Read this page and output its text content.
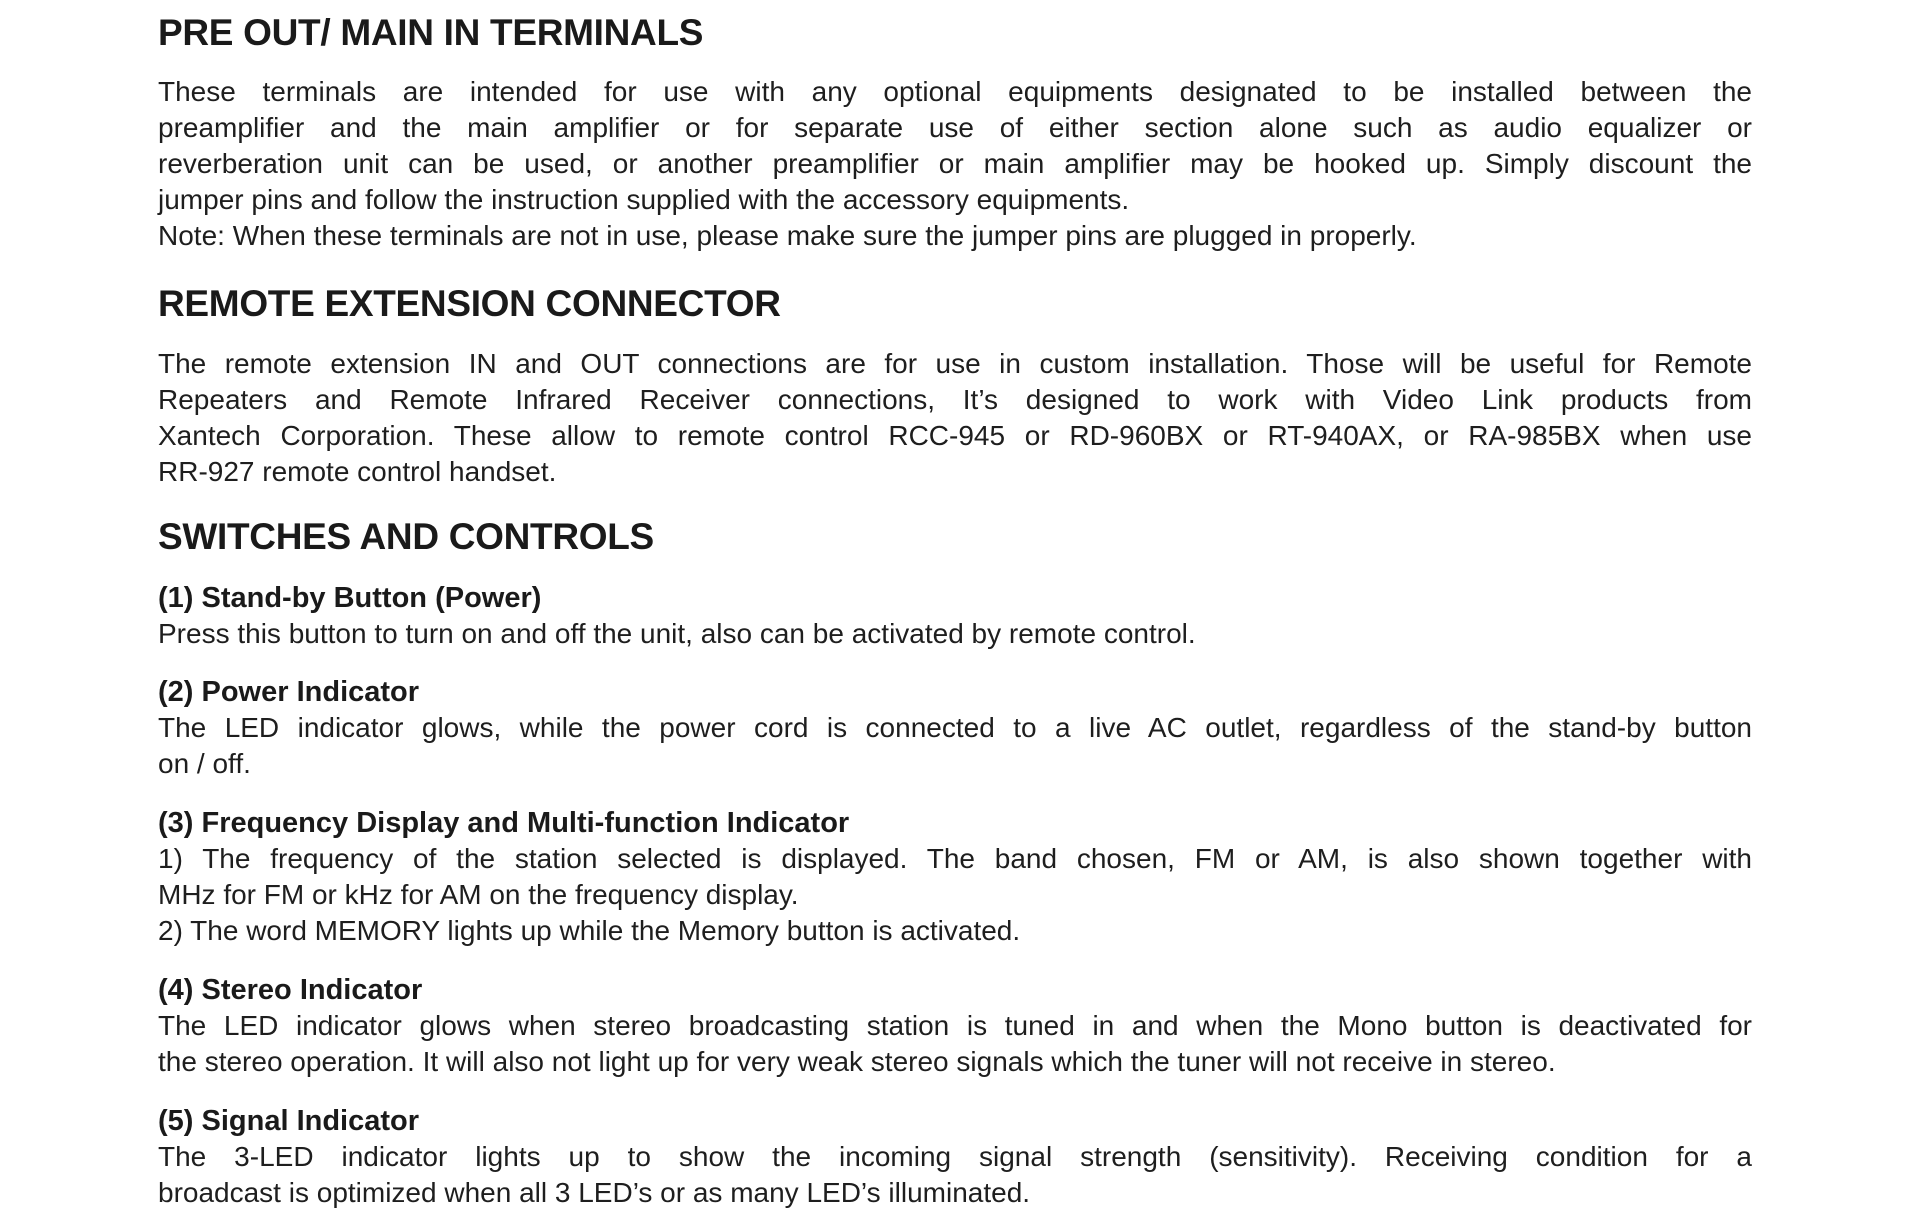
PRE OUT/ MAIN IN TERMINALS
These terminals are intended for use with any optional equipments designated to be installed between the
preamplifier and the main amplifier or for separate use of either section alone such as audio equalizer or
reverberation unit can be used, or another preamplifier or main amplifier may be hooked up. Simply discount the
jumper pins and follow the instruction supplied with the accessory equipments.
Note: When these terminals are not in use, please make sure the jumper pins are plugged in properly.
REMOTE EXTENSION CONNECTOR
The remote extension IN and OUT connections are for use in custom installation. Those will be useful for Remote
Repeaters and Remote Infrared Receiver connections, It’s designed to work with Video Link products from
Xantech Corporation. These allow to remote control RCC-945 or RD-960BX or RT-940AX, or RA-985BX when use
RR-927 remote control handset.
SWITCHES AND CONTROLS
(1) Stand-by Button (Power)
Press this button to turn on and off the unit, also can be activated by remote control.
(2) Power Indicator
The LED indicator glows, while the power cord is connected to a live AC outlet, regardless of the stand-by button
on / off.
(3) Frequency Display and Multi-function Indicator
1) The frequency of the station selected is displayed. The band chosen, FM or AM, is also shown together with
MHz for FM or kHz for AM on the frequency display.
2) The word MEMORY lights up while the Memory button is activated.
(4) Stereo Indicator
The LED indicator glows when stereo broadcasting station is tuned in and when the Mono button is deactivated for
the stereo operation. It will also not light up for very weak stereo signals which the tuner will not receive in stereo.
(5) Signal Indicator
The 3-LED indicator lights up to show the incoming signal strength (sensitivity). Receiving condition for a
broadcast is optimized when all 3 LED’s or as many LED’s illuminated.
